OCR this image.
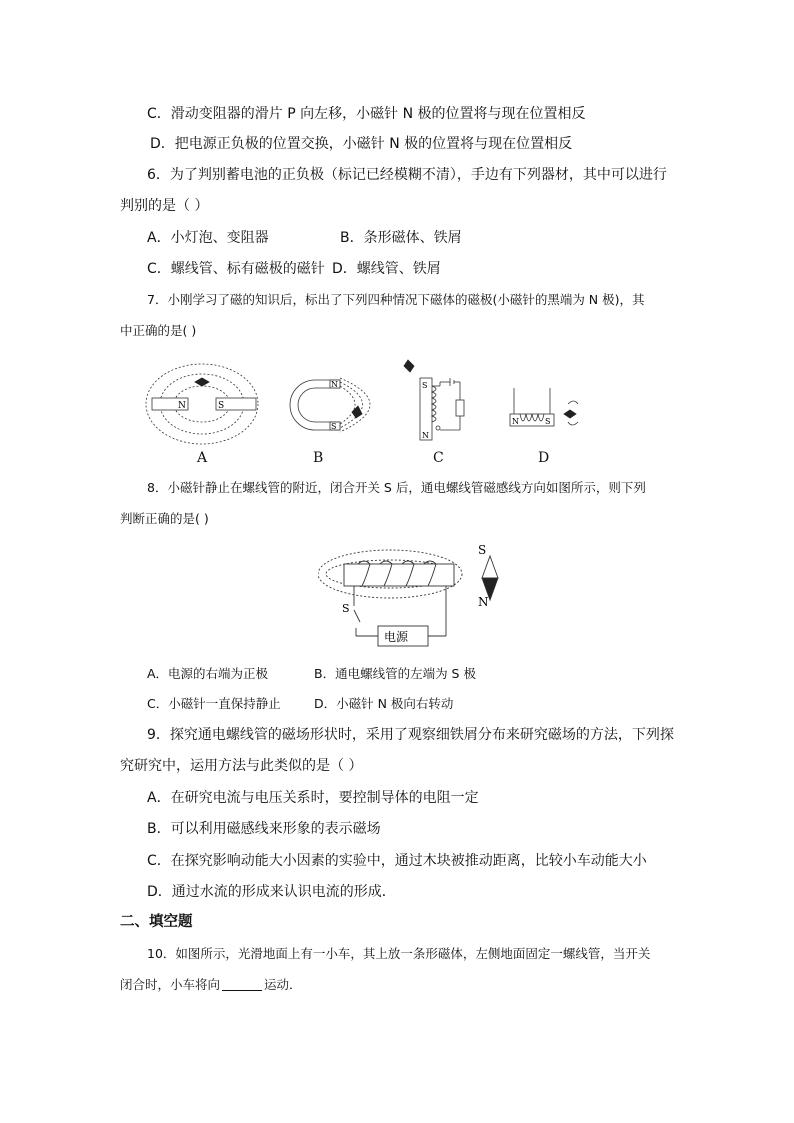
C．滑动变阻器的滑片 P 向左移，小磁针 N 极的位置将与现在位置相反
D．把电源正负极的位置交换，小磁针 N 极的位置将与现在位置相反
6．为了判别蓄电池的正负极（标记已经模糊不清），手边有下列器材，其中可以进行
判别的是（ ）
A．小灯泡、变阻器	B．条形磁体、铁屑
C．螺线管、标有磁极的磁针 D．螺线管、铁屑
7．小刚学习了磁的知识后，标出了下列四种情况下磁体的磁极(小磁针的黑端为 N 极)，其
中正确的是( )
N	S
N
S
S
N
N	S
A	B	C	D
8．小磁针静止在螺线管的附近，闭合开关 S 后，通电螺线管磁感线方向如图所示，则下列
判断正确的是( )
S
电源
S
N
A．电源的右端为正极	B．通电螺线管的左端为 S 极
C．小磁针一直保持静止	D．小磁针 N 极向右转动
9．探究通电螺线管的磁场形状时，采用了观察细铁屑分布来研究磁场的方法，下列探
究研究中，运用方法与此类似的是（ ）
A．在研究电流与电压关系时，要控制导体的电阻一定
B．可以利用磁感线来形象的表示磁场
C．在探究影响动能大小因素的实验中，通过木块被推动距离，比较小车动能大小
D．通过水流的形成来认识电流的形成．
二、填空题
10．如图所示，光滑地面上有一小车，其上放一条形磁体，左侧地面固定一螺线管，当开关
闭合时，小车将向	运动．
